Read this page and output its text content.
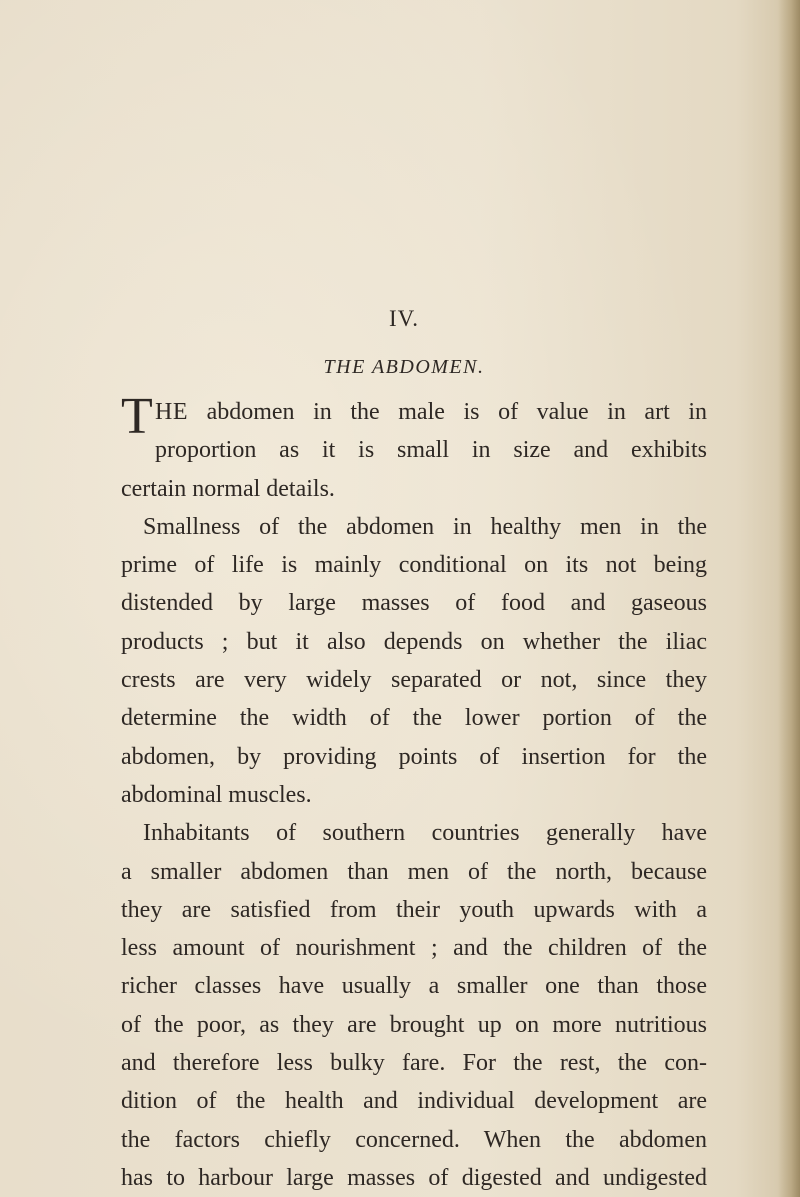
IV.
THE ABDOMEN.
T HE abdomen in the male is of value in art in
proportion as it is small in size and exhibits
certain normal details.
Smallness of the abdomen in healthy men in the
prime of life is mainly conditional on its not being
distended by large masses of food and gaseous
products ; but it also depends on whether the iliac
crests are very widely separated or not, since they
determine the width of the lower portion of the
abdomen, by providing points of insertion for the
abdominal muscles.
Inhabitants of southern countries generally have
a smaller abdomen than men of the north, because
they are satisfied from their youth upwards with a
less amount of nourishment ; and the children of the
richer classes have usually a smaller one than those
of the poor, as they are brought up on more nutritious
and therefore less bulky fare. For the rest, the con-
dition of the health and individual development are
the factors chiefly concerned. When the abdomen
has to harbour large masses of digested and undigested
